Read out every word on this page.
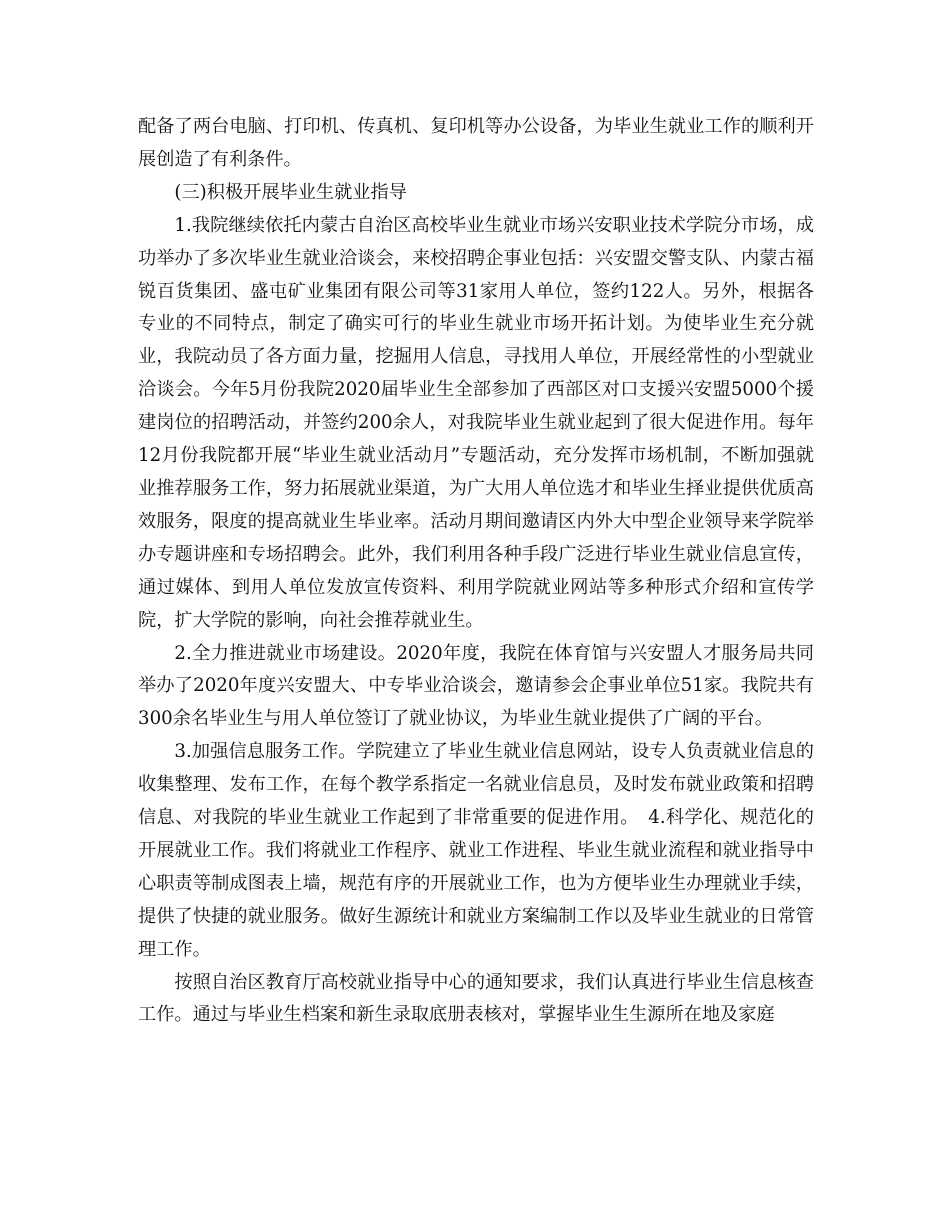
配备了两台电脑、打印机、传真机、复印机等办公设备，为毕业生就业工作的顺利开展创造了有利条件。

(三)积极开展毕业生就业指导

1.我院继续依托内蒙古自治区高校毕业生就业市场兴安职业技术学院分市场，成功举办了多次毕业生就业洽谈会，来校招聘企事业包括：兴安盟交警支队、内蒙古福锐百货集团、盛屯矿业集团有限公司等31家用人单位，签约122人。另外，根据各专业的不同特点，制定了确实可行的毕业生就业市场开拓计划。为使毕业生充分就业，我院动员了各方面力量，挖掘用人信息，寻找用人单位，开展经常性的小型就业洽谈会。今年5月份我院2020届毕业生全部参加了西部区对口支援兴安盟5000个援建岗位的招聘活动，并签约200余人，对我院毕业生就业起到了很大促进作用。每年12月份我院都开展“毕业生就业活动月”专题活动，充分发挥市场机制，不断加强就业推荐服务工作，努力拓展就业渠道，为广大用人单位选才和毕业生择业提供优质高效服务，限度的提高就业生毕业率。活动月期间邀请区内外大中型企业领导来学院举办专题讲座和专场招聘会。此外，我们利用各种手段广泛进行毕业生就业信息宣传，通过媒体、到用人单位发放宣传资料、利用学院就业网站等多种形式介绍和宣传学院，扩大学院的影响，向社会推荐就业生。

2.全力推进就业市场建设。2020年度，我院在体育馆与兴安盟人才服务局共同举办了2020年度兴安盟大、中专毕业洽谈会，邀请参会企事业单位51家。我院共有300余名毕业生与用人单位签订了就业协议，为毕业生就业提供了广阔的平台。

3.加强信息服务工作。学院建立了毕业生就业信息网站，设专人负责就业信息的收集整理、发布工作，在每个教学系指定一名就业信息员，及时发布就业政策和招聘信息、对我院的毕业生就业工作起到了非常重要的促进作用。　4.科学化、规范化的开展就业工作。我们将就业工作程序、就业工作进程、毕业生就业流程和就业指导中心职责等制成图表上墙，规范有序的开展就业工作，也为方便毕业生办理就业手续，提供了快捷的就业服务。做好生源统计和就业方案编制工作以及毕业生就业的日常管理工作。

按照自治区教育厅高校就业指导中心的通知要求，我们认真进行毕业生信息核查工作。通过与毕业生档案和新生录取底册表核对，掌握毕业生生源所在地及家庭
